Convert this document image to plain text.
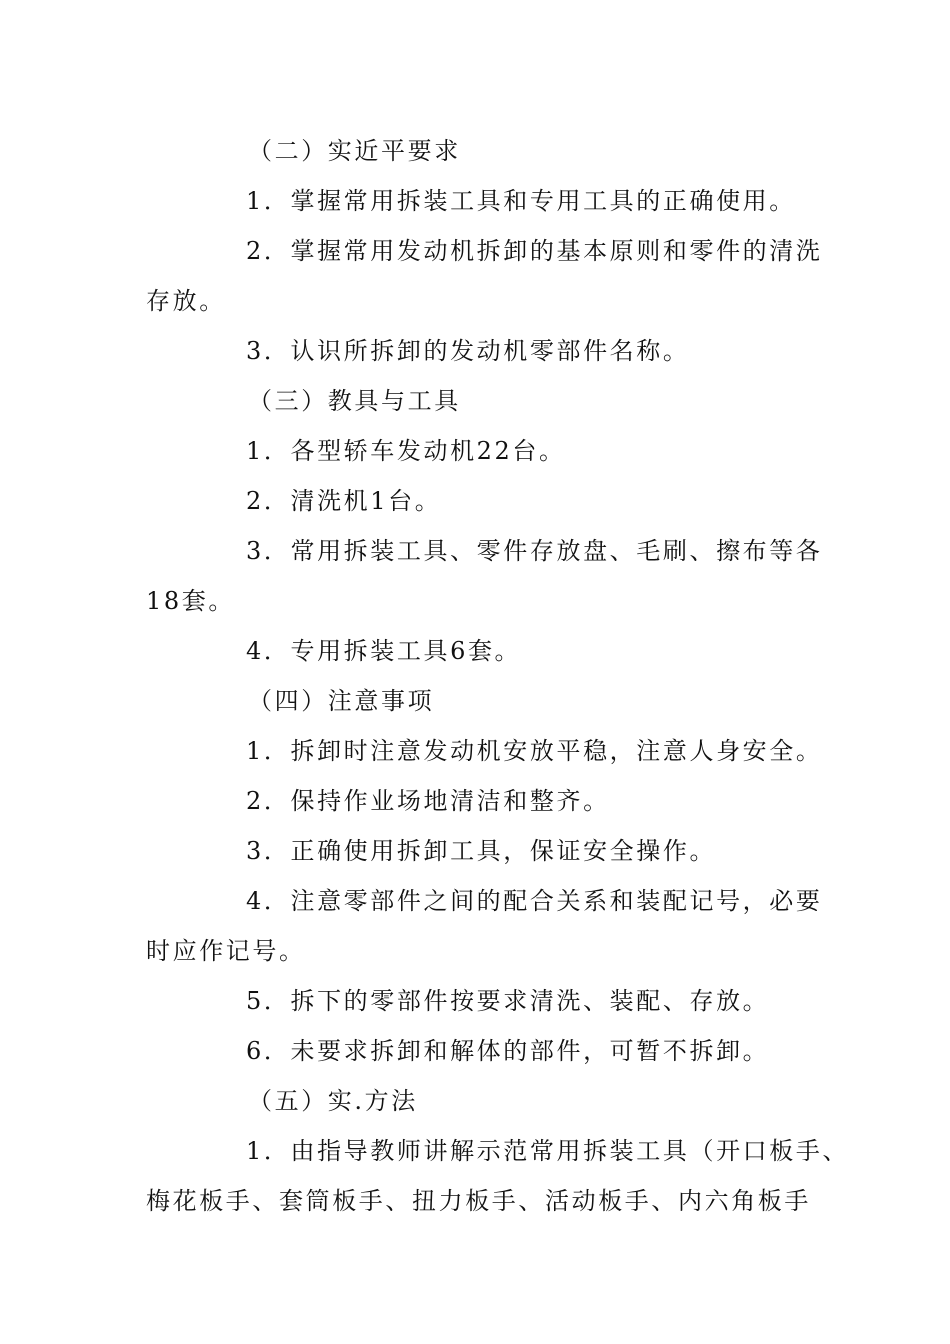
（二）实近平要求
1．掌握常用拆装工具和专用工具的正确使用。
2．掌握常用发动机拆卸的基本原则和零件的清洗
存放。
3．认识所拆卸的发动机零部件名称。
（三）教具与工具
1．各型轿车发动机22台。
2．清洗机1台。
3．常用拆装工具、零件存放盘、毛刷、擦布等各
18套。
4．专用拆装工具6套。
（四）注意事项
1．拆卸时注意发动机安放平稳，注意人身安全。
2．保持作业场地清洁和整齐。
3．正确使用拆卸工具，保证安全操作。
4．注意零部件之间的配合关系和装配记号，必要
时应作记号。
5．拆下的零部件按要求清洗、装配、存放。
6．未要求拆卸和解体的部件，可暂不拆卸。
（五）实.方法
1．由指导教师讲解示范常用拆装工具（开口板手、
梅花板手、套筒板手、扭力板手、活动板手、内六角板手
